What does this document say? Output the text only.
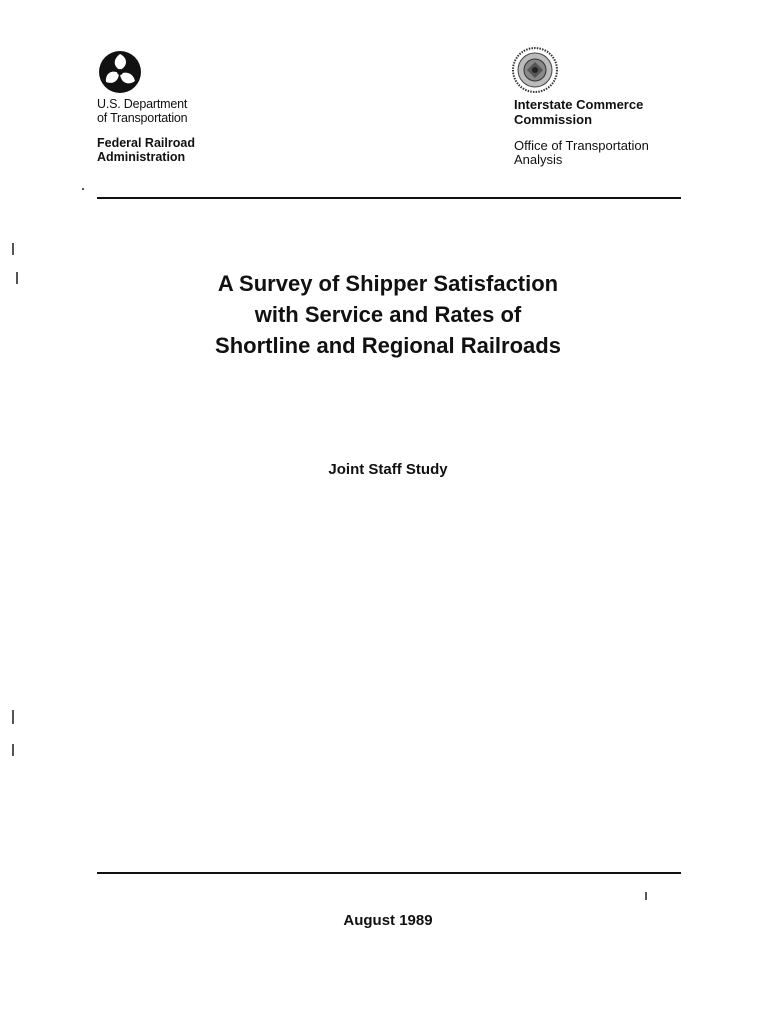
U.S. Department
of Transportation
Federal Railroad
Administration
Interstate Commerce
Commission
Office of Transportation
Analysis
A Survey of Shipper Satisfaction
with Service and Rates of
Shortline and Regional Railroads
Joint Staff Study
August 1989
